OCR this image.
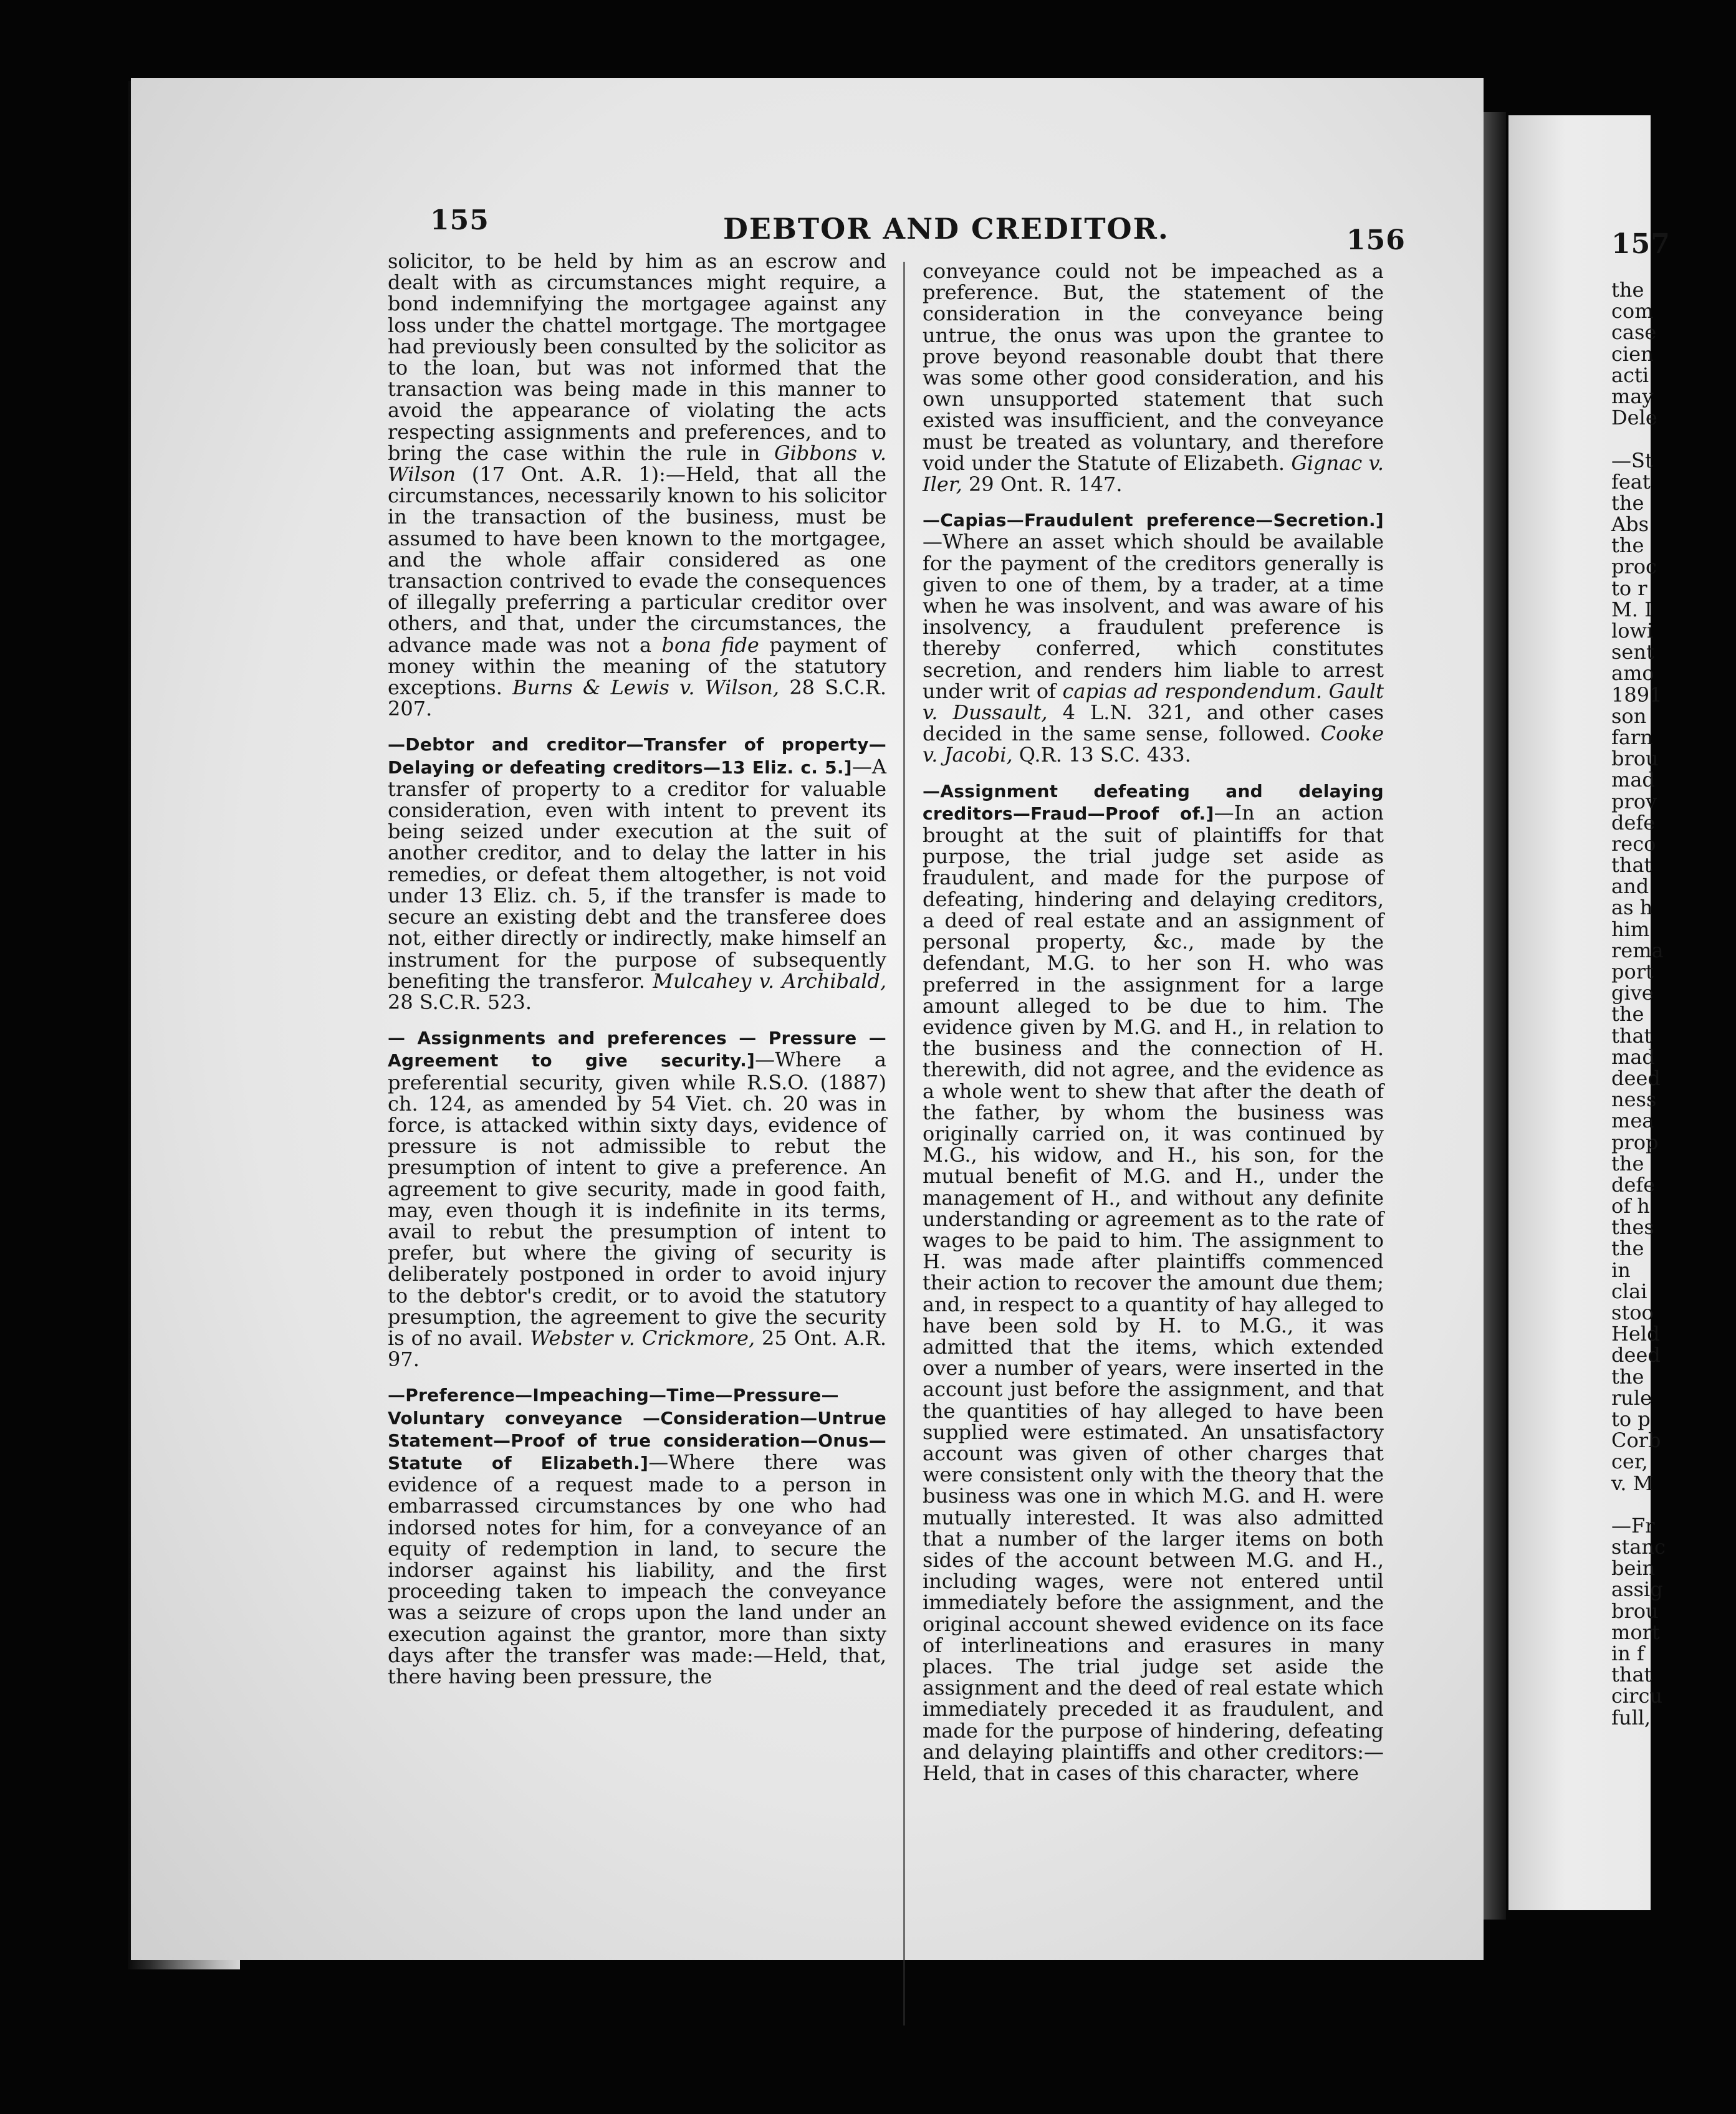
155	DEBTOR AND CREDITOR.	156	157

solicitor, to be held by him as an escrow and dealt with as circumstances might require, a bond indemnifying the mortgagee against any loss under the chattel mortgage. The mortgagee had previously been consulted by the solicitor as to the loan, but was not informed that the transaction was being made in this manner to avoid the appearance of violating the acts respecting assignments and preferences, and to bring the case within the rule in Gibbons v. Wilson (17 Ont. A.R. 1):—Held, that all the circumstances, necessarily known to his solicitor in the transaction of the business, must be assumed to have been known to the mortgagee, and the whole affair considered as one transaction contrived to evade the consequences of illegally preferring a particular creditor over others, and that, under the circumstances, the advance made was not a bona fide payment of money within the meaning of the statutory exceptions. Burns & Lewis v. Wilson, 28 S.C.R. 207.

—Debtor and creditor—Transfer of property—Delaying or defeating creditors—13 Eliz. c. 5.]—A transfer of property to a creditor for valuable consideration, even with intent to prevent its being seized under execution at the suit of another creditor, and to delay the latter in his remedies, or defeat them altogether, is not void under 13 Eliz. ch. 5, if the transfer is made to secure an existing debt and the transferee does not, either directly or indirectly, make himself an instrument for the purpose of subsequently benefiting the transferor. Mulcahey v. Archibald, 28 S.C.R. 523.

— Assignments and preferences — Pressure — Agreement to give security.]—Where a preferential security, given while R.S.O. (1887) ch. 124, as amended by 54 Viet. ch. 20 was in force, is attacked within sixty days, evidence of pressure is not admissible to rebut the presumption of intent to give a preference. An agreement to give security, made in good faith, may, even though it is indefinite in its terms, avail to rebut the presumption of intent to prefer, but where the giving of security is deliberately postponed in order to avoid injury to the debtor's credit, or to avoid the statutory presumption, the agreement to give the security is of no avail. Webster v. Crickmore, 25 Ont. A.R. 97.

—Preference—Impeaching—Time—Pressure—Voluntary conveyance —Consideration—Untrue Statement—Proof of true consideration—Onus—Statute of Elizabeth.]—Where there was evidence of a request made to a person in embarrassed circumstances by one who had indorsed notes for him, for a conveyance of an equity of redemption in land, to secure the indorser against his liability, and the first proceeding taken to impeach the conveyance was a seizure of crops upon the land under an execution against the grantor, more than sixty days after the transfer was made:—Held, that, there having been pressure, the

conveyance could not be impeached as a preference. But, the statement of the consideration in the conveyance being untrue, the onus was upon the grantee to prove beyond reasonable doubt that there was some other good consideration, and his own unsupported statement that such existed was insufficient, and the conveyance must be treated as voluntary, and therefore void under the Statute of Elizabeth. Gignac v. Iler, 29 Ont. R. 147.

—Capias—Fraudulent preference—Secretion.]—Where an asset which should be available for the payment of the creditors generally is given to one of them, by a trader, at a time when he was insolvent, and was aware of his insolvency, a fraudulent preference is thereby conferred, which constitutes secretion, and renders him liable to arrest under writ of capias ad respondendum. Gault v. Dussault, 4 L.N. 321, and other cases decided in the same sense, followed. Cooke v. Jacobi, Q.R. 13 S.C. 433.

—Assignment defeating and delaying creditors—Fraud—Proof of.]—In an action brought at the suit of plaintiffs for that purpose, the trial judge set aside as fraudulent, and made for the purpose of defeating, hindering and delaying creditors, a deed of real estate and an assignment of personal property, &c., made by the defendant, M.G. to her son H. who was preferred in the assignment for a large amount alleged to be due to him. The evidence given by M.G. and H., in relation to the business and the connection of H. therewith, did not agree, and the evidence as a whole went to shew that after the death of the father, by whom the business was originally carried on, it was continued by M.G., his widow, and H., his son, for the mutual benefit of M.G. and H., under the management of H., and without any definite understanding or agreement as to the rate of wages to be paid to him. The assignment to H. was made after plaintiffs commenced their action to recover the amount due them; and, in respect to a quantity of hay alleged to have been sold by H. to M.G., it was admitted that the items, which extended over a number of years, were inserted in the account just before the assignment, and that the quantities of hay alleged to have been supplied were estimated. An unsatisfactory account was given of other charges that were consistent only with the theory that the business was one in which M.G. and H. were mutually interested. It was also admitted that a number of the larger items on both sides of the account between M.G. and H., including wages, were not entered until immediately before the assignment, and the original account shewed evidence on its face of interlineations and erasures in many places. The trial judge set aside the assignment and the deed of real estate which immediately preceded it as fraudulent, and made for the purpose of hindering, defeating and delaying plaintiffs and other creditors:—Held, that in cases of this character, where

the
com
case
cien
acti
may
Dele
—St
feat
the
Abs
the
proc
to r
M. I
lowi
sent
amo
1891
son
farn
brou
mad
prov
defe
reco
that
and
as h
him
rema
port
give
the
that
mad
deed
ness
mea
prop
the
defe
of h
thes
the
in
clai
stoo
Held
deed
the
rule
to p
Corb
cer,
v. M
—Fr
stanc
bein
assig
brou
mort
in f
that
circu
full,
